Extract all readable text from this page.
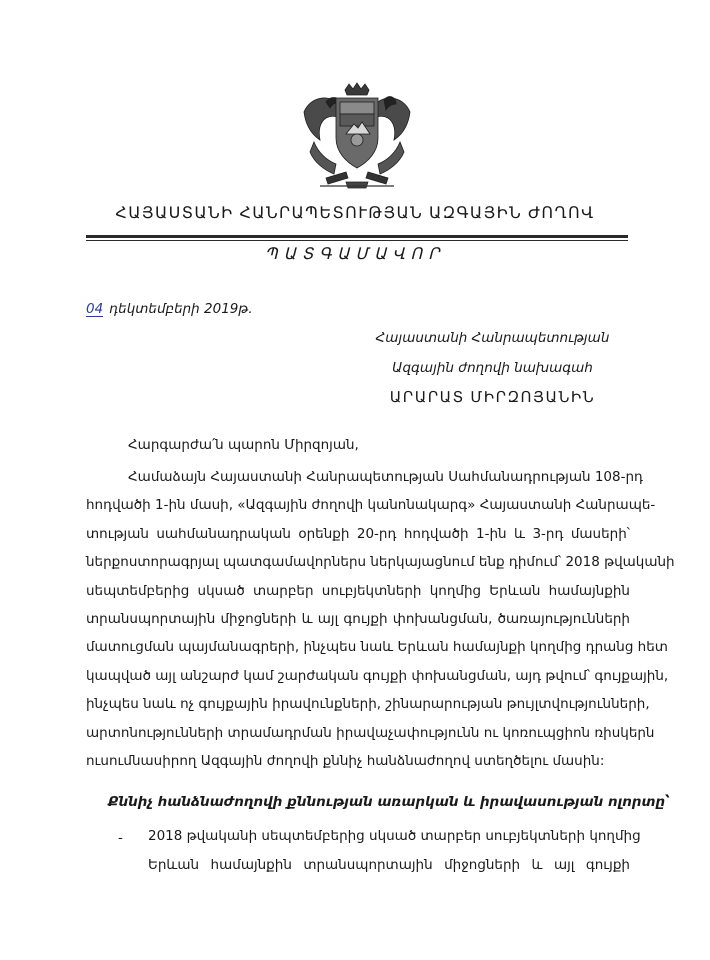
ՀԱՅԱՍՏԱՆԻ ՀԱՆՐԱՊԵՏՈՒԹՅԱՆ ԱԶԳԱՅԻՆ ԺՈՂՈՎ
ՊԱՏԳԱՄԱՎՈՐ
04 դեկտեմբերի 2019թ.
Հայաստանի Հանրապետության
Ազգային ժողովի նախագահ
ԱՐԱՐԱՏ ՄԻՐԶՈՅԱՆԻՆ
Հարգարժա՛ն պարոն Միրզոյան,
Համաձայն Հայաստանի Հանրապետության Սահմանադրության 108-րդ
հոդվածի 1-ին մասի, «Ազգային ժողովի կանոնակարգ» Հայաստանի Հանրապե-
տության սահմանադրական օրենքի 20-րդ հոդվածի 1-ին և 3-րդ մասերի՝
ներքոստորագրյալ պատգամավորներս ներկայացնում ենք դիմում՝ 2018 թվականի
սեպտեմբերից սկսած տարբեր սուբյեկտների կողմից Երևան համայնքին
տրանսպորտային միջոցների և այլ գույքի փոխանցման, ծառայությունների
մատուցման պայմանագրերի, ինչպես նաև Երևան համայնքի կողմից դրանց հետ
կապված այլ անշարժ կամ շարժական գույքի փոխանցման, այդ թվում՝ գույքային,
ինչպես նաև ոչ գույքային իրավունքների, շինարարության թույլտվությունների,
արտոնությունների տրամադրման իրավաչափությունն ու կոռուպցիոն ռիսկերն
ուսումնասիրող Ազգային ժողովի քննիչ հանձնաժողով ստեղծելու մասին:
Քննիչ հանձնաժողովի քննության առարկան և իրավասության ոլորտը՝
- 2018 թվականի սեպտեմբերից սկսած տարբեր սուբյեկտների կողմից
Երևան համայնքին տրանսպորտային միջոցների և այլ գույքի
